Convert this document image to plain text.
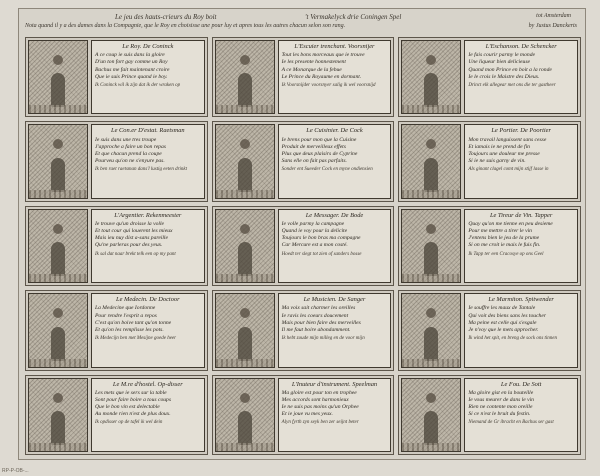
Le jeu des hauts-crieurs du Roy boit	't Vermakelyck drie Coningen Spel	tot Amsterdam
Nota quand il y a des dames dans la Compagnie, que le Roy en choisisse une pour luy et apres tous les autres chacun selon son rang.	by Justus Danckerts
Le Roy. De Coninck
A ce coup ie suis dans la gloire
D'un ton fort gay comme un Roy
Bachus me fait maintenant croire
Que ie suis Prince quand ie boy.
Ik Coninck wil ik zijn dat ik der wraken op
L'Escuier trenchant. Voorsnijer
Tout les bons morceaux que ie trouve
Ie les presente honnestement
A ce Monarque de la febue
Le Prince du Royaume en dormant.
Ik Voorsnijder voorsnyer salig ik wel voorsnijd
L'Eschanson. De Schencker
Ie fais courir parmy le monde
Une liqueur bien delicieuse
Quand mon Prince en boit a la ronde
Ie le crois le Maistre des Dieux.
Drinct elk allegear met ons die ter gastheer
Le Con.er D'estat. Raetsman
Ie suis dans une tres troupe
J'approche a faire un bon repas
Et que chacun prend la coupe
Pourveu qu'on ne s'enyure pas.
Ik ben raet raetsman dans'l lustig eeten drinkt
Le Cuisinier. De Cock
Ie brens pour mon que la Cuisine
Produit de merveilleux effets
Plus que deux plaisirs de Cyprine
Sans elle on fait pas parfaits.
Sonder ent Sueeder Cock en myne ondiensien
Le Portier. De Poortier
Mon travail languissent sans cesse
Et iamais ie ne prend de fin
Toujours une douleur me presse
Si ie ne suis garny de vin.
Als ginant clagel comt mijn stijf lasse in
L'Argentier. Rekenmeester
Ie trouve qu'un droisse la volle
Et tout cour qui louerent les mieux
Mais ieu nuy dist a-sans pareille
Qu'ne parleras pour des yeux.
Ik sal dat naar brekt telk een op my pant
Le Messager. De Bode
Ie volle parmy la campagne
Quand ie voy pour la delicite
Toujours le bon bras ma compagne
Car Mercure est a mon costé.
Hoedt ter slegt tot zien of sanders bosse
Le Tireur de Vin. Tapper
Quay qu'on me tienne en peu desieme
Pour me mettre a tirer le vin
J'entens bien le jeu de la prume
Si on me croit ie mais le fuis fin.
Ik Tapp ter een Cracosye op ons Geel
Le Medecin. De Doctoor
La Medecine que Iordonne
Pour rendre l'esprit a repos
C'est qu'on boive tant qu'on tonne
Et qu'on les remplisse les pots.
Ik Medecijn ben met Mesijne goede heer
Le Musicien. De Sanger
Ma voix sait charmer les oreilles
Ie ravis les coeurs doucement
Mais pour bien faire des merveilles
Il me faut boire abondamment.
Ik hebt zoude mijn milleg en de voor mijn
Le Marmiton. Spitwender
Ie souffre les maux de Tantale
Qui voit des biens sans les toucher
Ma peine est celle qui s'esgale
Je n'voy que le mets approcher.
Ik wind het spit, en breng de sock ons tinnen
Le M.re d'hostel. Op-disser
Les mets que ie sers sur la table
Sont pour faire boire a tous coups
Que le bon vin est delectable
Au monde rien n'est de plus doux.
Ik opdisser op de tafel ik wel dein
L'Inuteur d'instrument. Speelman
Ma gloire est pour ton en trophee
Mes accords sont harmonieux
Ie ne suis pas moins qu'un Orphee
Et ie joue vu mes yeux.
Alyn fyrth zyn seyk ben zer seijnt beter
Le Fou. De Sott
Ma gloire gist en la bouteille
Ie vous meurer de dans le vin
Rien ne contente mon oreille
Si ce n'est le bruit du festin.
Niemand de Gr ibracht en Bachus ser gast
RP-P-OB-...
